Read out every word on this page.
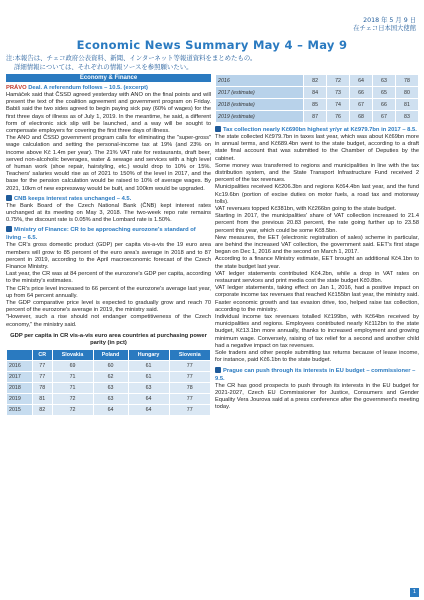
2018 年 5 月 9 日
在チェコ日本国大使館
Economic News Summary May 4 – May 9
注:本報告は、チェコ政府公表資料、新聞、インターネット等報道資料をまとめたもの。
詳細情報については、それぞれの情報ソースを参照願いたい。
Economy & Finance
PRÁVO Deal. A referendum follows – 10.5. (excerpt)

Hamáček said that ČSSD agreed yesterday with ANO on the final points and will present the text of the coalition agreement and government program on Friday. Babiš said the two sides agreed to begin paying sick pay (60% of wages) for the first three days of illness as of July 1, 2019. In the meantime, he said, a different form of electronic sick slip will be launched, and a way will be sought to compensate employers for covering the first three days of illness.

The ANO and ČSSD government program calls for eliminating the "super-gross" wage calculation and setting the personal-income tax at 19% (and 23% on income above Kč 1.4m per year). The 21% VAT rate for restaurants, draft beer, served non-alcoholic beverages, water & sewage and services with a high level of human work (shoe repair, hairstyling, etc.) would drop to 10% or 15%. Teachers' salaries would rise as of 2021 to 150% of the level in 2017, and the base for the pension calculation would be raised to 10% of average wages. By 2021, 10km of new expressway would be built, and 100km would be upgraded.

CNB keeps interest rates unchanged – 4.5.

The Bank Board of the Czech National Bank (ČNB) kept interest rates unchanged at its meeting on May 3, 2018. The two-week repo rate remains 0.75%, the discount rate is 0.05% and the Lombard rate is 1.50%.

Ministry of Finance: CR to be approaching eurozone's standard of living – 6.5.

The CR's gross domestic product (GDP) per capita vis-a-vis the 19 euro area members will grow to 85 percent of the euro area's average in 2018 and to 87 percent in 2019, according to the April macroeconomic forecast of the Czech Finance Ministry.

Last year, the CR was at 84 percent of the eurozone's GDP per capita, according to the ministry's estimates.

The CR's price level increased to 66 percent of the eurozone's average last year, up from 64 percent annually.

The GDP comparative price level is expected to gradually grow and reach 70 percent of the eurozone's average in 2019, the ministry said.

"However, such a rise should not endanger competitiveness of the Czech economy," the ministry said.

GDP per capita in CR vis-a-vis euro area countries at purchasing power parity (in pct)
	CR	Slovakia	Poland	Hungary	Slovenia
2016	77	69	60	61	77
2017	77	71	62	61	77
2018	78	71	63	63	78
2019	81	72	63	64	77
2015	82	72	64	64	77
2016	82	72	64	63	78
2017 (estimate)	84	73	66	65	80
2018 (estimate)	85	74	67	66	81
2019 (estimate)	87	76	68	67	83
Tax collection nearly Kč690bn highest yr/yr at Kč979.7bn in 2017 – 8.5.

The state collected Kč979.7bn in taxes last year, which was about Kč69bn more in annual terms, and Kč689.4bn went to the state budget, according to a draft state final account that was submitted to the Chamber of Deputies by the cabinet.

Some money was transferred to regions and municipalities in line with the tax distribution system, and the State Transport Infrastructure Fund received 2 percent of the tax revenues.

Municipalities received Kč206.3bn and regions Kč64.4bn last year, and the fund Kc19.6bn (portion of excise duties on motor fuels, a road tax and motorway tolls).

VAT revenues topped Kč381bn, with Kč266bn going to the state budget.

Starting in 2017, the municipalities' share of VAT collection increased to 21.4 percent from the previous 20.83 percent, the rate going further up to 23.58 percent this year, which could be some Kč8.5bn.

New measures, the EET (electronic registration of sales) scheme in particular, are behind the increased VAT collection, the government said. EET's first stage began on Dec 1, 2016 and the second on March 1, 2017.

According to a finance Ministry estimate, EET brought an additional Kč4.1bn to the state budget last year.

VAT ledger statements contributed Kč4.2bn, while a drop in VAT rates on restaurant services and print media cost the state budget Kč0.8bn.

VAT ledger statements, taking effect on Jan 1, 2016, had a positive impact on corporate income tax revenues that reached Kč155bn last year, the ministry said.

Faster economic growth and tax evasion drive, too, helped raise tax collection, according to the ministry.

Individual income tax revenues totalled Kč199bn, with Kč64bn received by municipalities and regions. Employees contributed nearly Kč112bn to the state budget, Kč13.1bn more annually, thanks to increased employment and growing minimum wage. Conversely, raising of tax relief for a second and another child had a negative impact on tax revenues.

Sole traders and other people submitting tax returns because of lease income, for instance, paid Kč6.1bn to the state budget.

Prague can push through its interests in EU budget – commissioner – 9.5.

The CR has good prospects to push through its interests in the EU budget for 2021-2027, Czech EU Commissioner for Justice, Consumers and Gender Equality Vera Jourova said at a press conference after the government's meeting today.

1
